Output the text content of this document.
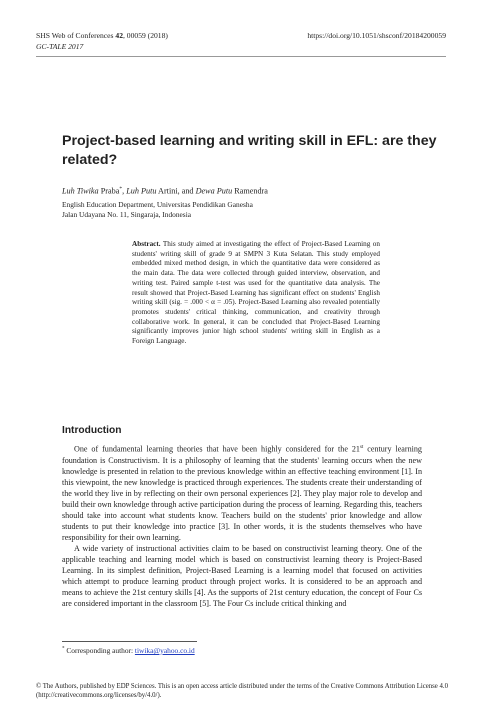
SHS Web of Conferences 42, 00059 (2018)	https://doi.org/10.1051/shsconf/20184200059
GC-TALE 2017
Project-based learning and writing skill in EFL: are they related?
Luh Tiwika Praba*, Luh Putu Artini, and Dewa Putu Ramendra
English Education Department, Universitas Pendidikan Ganesha
Jalan Udayana No. 11, Singaraja, Indonesia
Abstract. This study aimed at investigating the effect of Project-Based Learning on students' writing skill of grade 9 at SMPN 3 Kuta Selatan. This study employed embedded mixed method design, in which the quantitative data were considered as the main data. The data were collected through guided interview, observation, and writing test. Paired sample t-test was used for the quantitative data analysis. The result showed that Project-Based Learning has significant effect on students' English writing skill (sig. = .000 < α = .05). Project-Based Learning also revealed potentially promotes students' critical thinking, communication, and creativity through collaborative work. In general, it can be concluded that Project-Based Learning significantly improves junior high school students' writing skill in English as a Foreign Language.
Introduction

One of fundamental learning theories that have been highly considered for the 21st century learning foundation is Constructivism. It is a philosophy of learning that the students' learning occurs when the new knowledge is presented in relation to the previous knowledge within an effective teaching environment [1]. In this viewpoint, the new knowledge is practiced through experiences. The students create their understanding of the world they live in by reflecting on their own personal experiences [2]. They play major role to develop and build their own knowledge through active participation during the process of learning. Regarding this, teachers should take into account what students know. Teachers build on the students' prior knowledge and allow students to put their knowledge into practice [3]. In other words, it is the students themselves who have responsibility for their own learning.

A wide variety of instructional activities claim to be based on constructivist learning theory. One of the applicable teaching and learning model which is based on constructivist learning theory is Project-Based Learning. In its simplest definition, Project-Based Learning is a learning model that focused on activities which attempt to produce learning product through project works. It is considered to be an approach and means to achieve the 21st century skills [4]. As the supports of 21st century education, the concept of Four Cs are considered important in the classroom [5]. The Four Cs include critical thinking and

* Corresponding author: tiwika@yahoo.co.id
© The Authors, published by EDP Sciences. This is an open access article distributed under the terms of the Creative Commons Attribution License 4.0 (http://creativecommons.org/licenses/by/4.0/).
